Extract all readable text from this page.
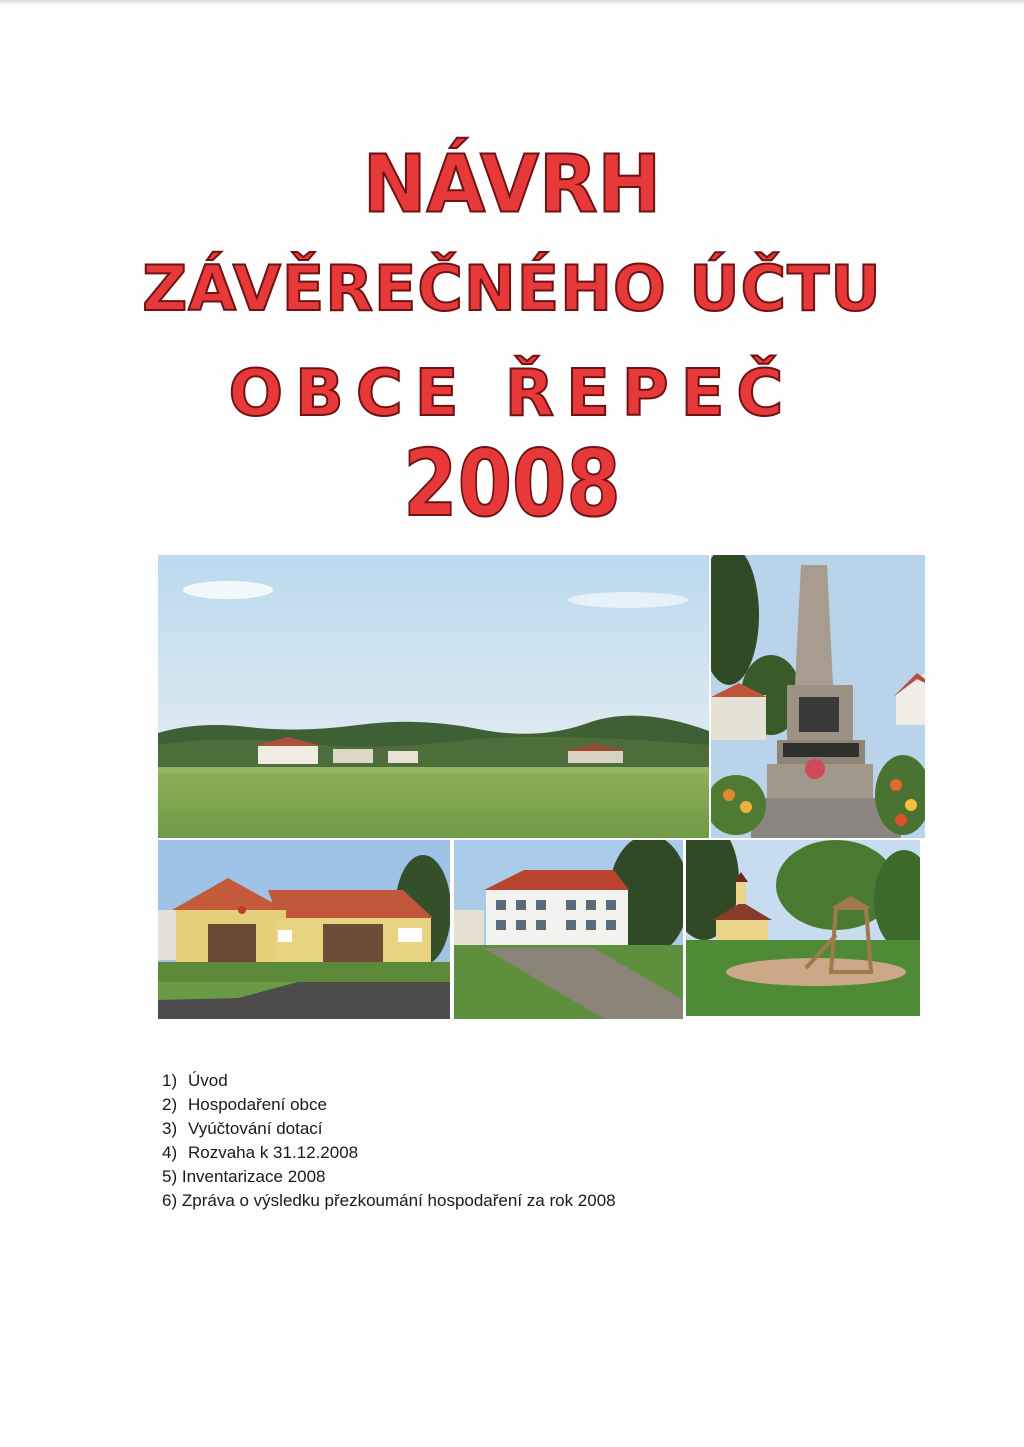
NÁVRH
ZÁVĚREČNÉHO ÚČTU
OBCE ŘEPEČ
2008
1) Úvod
2) Hospodaření obce
3) Vyúčtování dotací
4) Rozvaha k 31.12.2008
5) Inventarizace 2008
6) Zpráva o výsledku přezkoumání hospodaření za rok 2008
